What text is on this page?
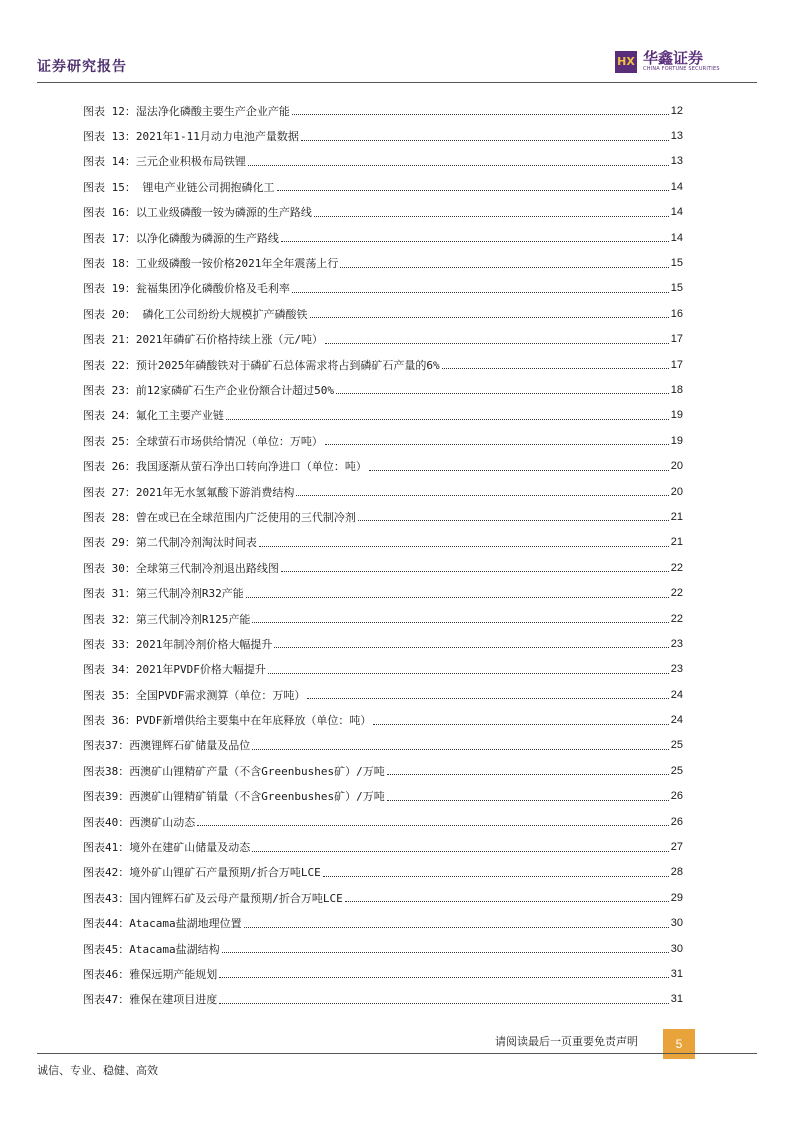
证券研究报告	HX 华鑫证券
CHINA FORTUNE SECURITIES
图表 12：湿法净化磷酸主要生产企业产能	12
图表 13：2021年1-11月动力电池产量数据	13
图表 14：三元企业积极布局铁锂	13
图表 15： 锂电产业链公司拥抱磷化工	14
图表 16：以工业级磷酸一铵为磷源的生产路线	14
图表 17：以净化磷酸为磷源的生产路线	14
图表 18：工业级磷酸一铵价格2021年全年震荡上行	15
图表 19：瓮福集团净化磷酸价格及毛利率	15
图表 20： 磷化工公司纷纷大规模扩产磷酸铁	16
图表 21：2021年磷矿石价格持续上涨（元/吨）	17
图表 22：预计2025年磷酸铁对于磷矿石总体需求将占到磷矿石产量的6%	17
图表 23：前12家磷矿石生产企业份额合计超过50%	18
图表 24：氟化工主要产业链	19
图表 25：全球萤石市场供给情况（单位：万吨）	19
图表 26：我国逐渐从萤石净出口转向净进口（单位：吨）	20
图表 27：2021年无水氢氟酸下游消费结构	20
图表 28：曾在或已在全球范围内广泛使用的三代制冷剂	21
图表 29：第二代制冷剂淘汰时间表	21
图表 30：全球第三代制冷剂退出路线图	22
图表 31：第三代制冷剂R32产能	22
图表 32：第三代制冷剂R125产能	22
图表 33：2021年制冷剂价格大幅提升	23
图表 34：2021年PVDF价格大幅提升	23
图表 35：全国PVDF需求测算（单位：万吨）	24
图表 36：PVDF新增供给主要集中在年底释放（单位：吨）	24
图表37：西澳锂辉石矿储量及品位	25
图表38：西澳矿山锂精矿产量（不含Greenbushes矿）/万吨	25
图表39：西澳矿山锂精矿销量（不含Greenbushes矿）/万吨	26
图表40：西澳矿山动态	26
图表41：境外在建矿山储量及动态	27
图表42：境外矿山锂矿石产量预期/折合万吨LCE	28
图表43：国内锂辉石矿及云母产量预期/折合万吨LCE	29
图表44：Atacama盐湖地理位置	30
图表45：Atacama盐湖结构	30
图表46：雅保远期产能规划	31
图表47：雅保在建项目进度	31
请阅读最后一页重要免责声明	5
诚信、专业、稳健、高效
